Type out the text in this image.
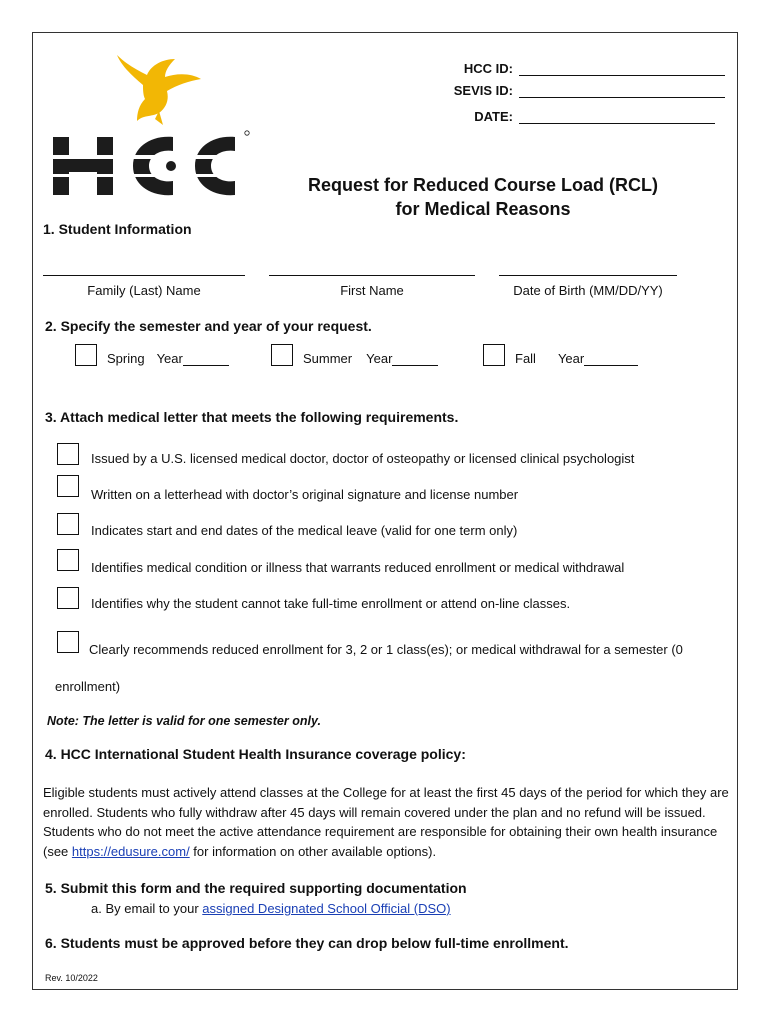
HCC ID:
SEVIS ID:
DATE:
Request for Reduced Course Load (RCL)
for Medical Reasons
1. Student Information
Family (Last) Name	First Name	Date of Birth (MM/DD/YY)
2. Specify the semester and year of your request.
Spring Year	Summer Year	Fall Year
3. Attach medical letter that meets the following requirements.
Issued by a U.S. licensed medical doctor, doctor of osteopathy or licensed clinical psychologist
Written on a letterhead with doctor’s original signature and license number
Indicates start and end dates of the medical leave (valid for one term only)
Identifies medical condition or illness that warrants reduced enrollment or medical withdrawal
Identifies why the student cannot take full-time enrollment or attend on-line classes.
Clearly recommends reduced enrollment for 3, 2 or 1 class(es); or medical withdrawal for a semester (0
enrollment)
Note: The letter is valid for one semester only.
4. HCC International Student Health Insurance coverage policy:
Eligible students must actively attend classes at the College for at least the first 45 days of the period for which they are enrolled. Students who fully withdraw after 45 days will remain covered under the plan and no refund will be issued. Students who do not meet the active attendance requirement are responsible for obtaining their own health insurance (see https://edusure.com/ for information on other available options).
5. Submit this form and the required supporting documentation
a. By email to your assigned Designated School Official (DSO)
6. Students must be approved before they can drop below full-time enrollment.
Rev. 10/2022
